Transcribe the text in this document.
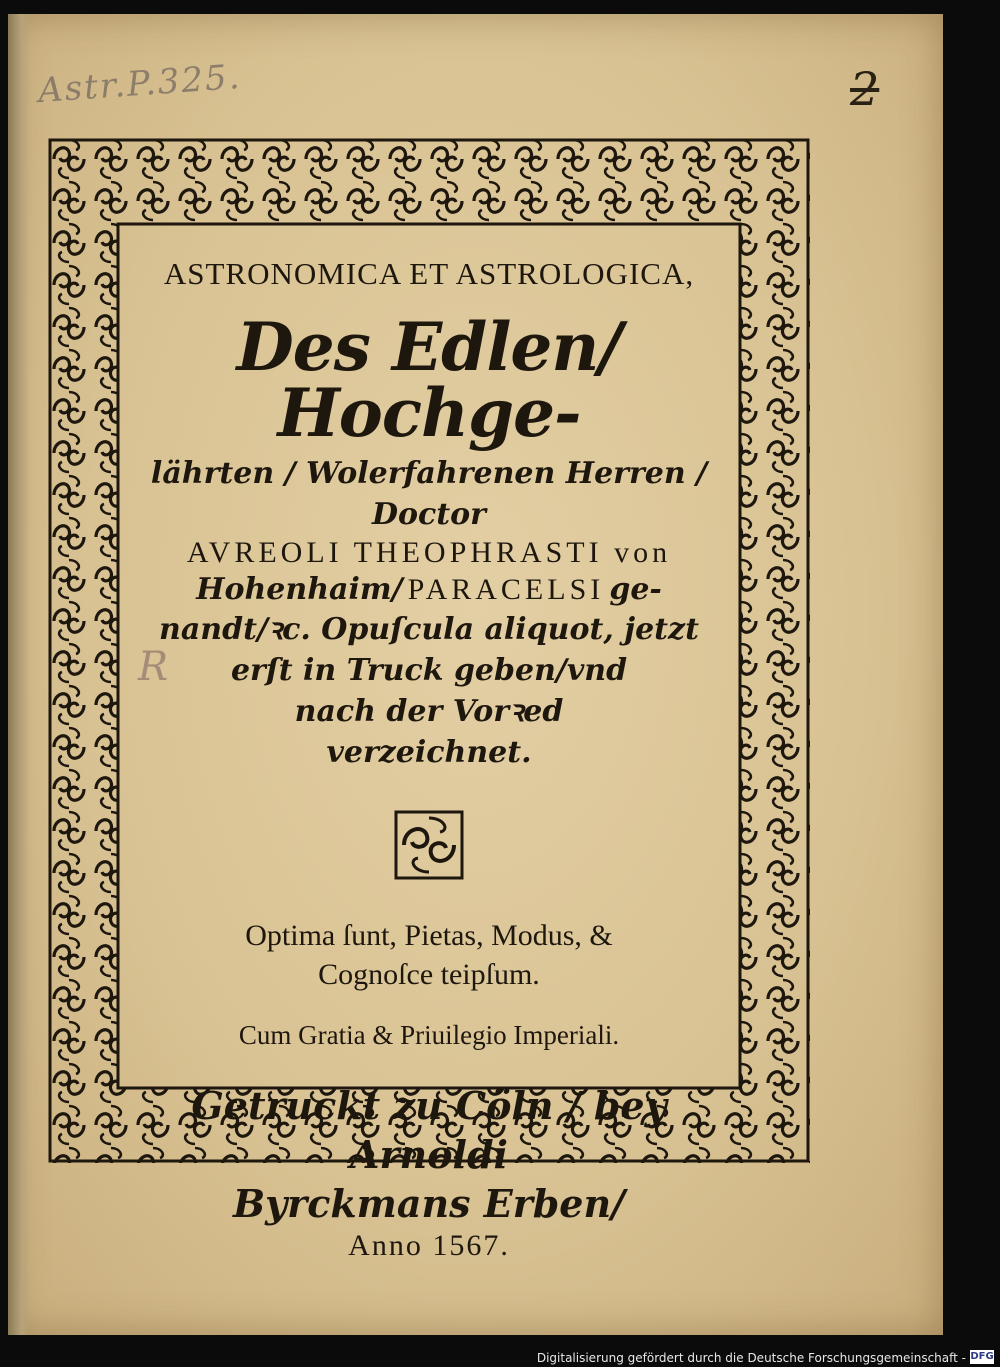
Astr.P.325.	2
R
ASTRONOMICA ET ASTROLOGICA,
Des Edlen/ Hochge-
lährten / Wolerfahrenen Herren / Doctor
AVREOLI THEOPHRASTI von
Hohenhaim/ PARACELSI ge-
nandt/ꝛc. Opuſcula aliquot, jetzt
erſt in Truck geben/vnd
nach der Vorꝛed
verzeichnet.
Optima ſunt, Pietas, Modus, &
Cognoſce teipſum.
Cum Gratia & Priuilegio Imperiali.
Getruckt zu Cöln / bey Arnoldi
Byrckmans Erben/
Anno 1567.
Digitalisierung gefördert durch die Deutsche Forschungsgemeinschaft - DFG
